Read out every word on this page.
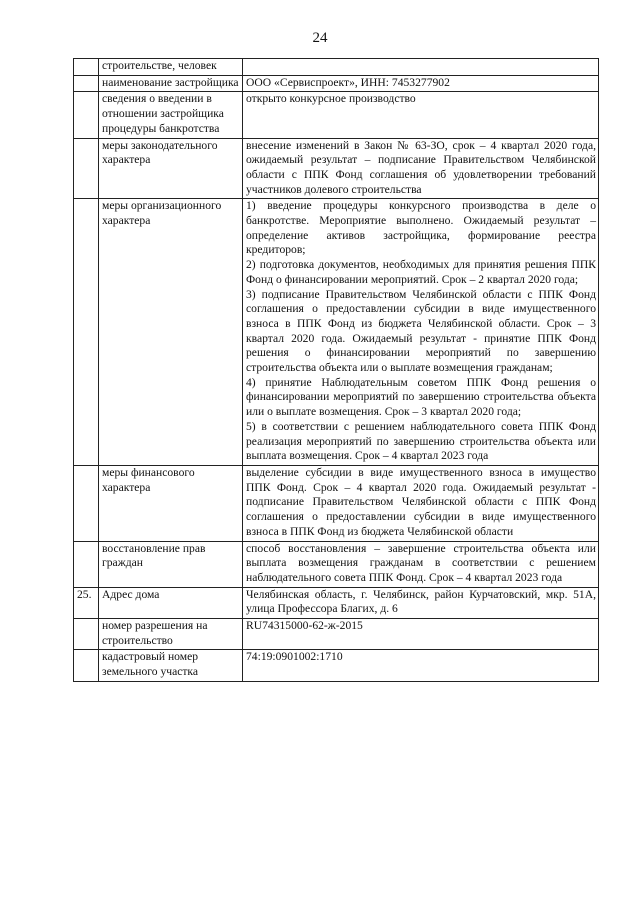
24
	строительстве, человек	
	наименование застройщика	ООО «Сервиспроект», ИНН: 7453277902
	сведения о введении в отношении застройщика процедуры банкротства	открыто конкурсное производство
	меры законодательного характера	внесение изменений в Закон № 63-ЗО, срок – 4 квартал 2020 года, ожидаемый результат – подписание Правительством Челябинской области с ППК Фонд соглашения об удовлетворении требований участников долевого строительства
	меры организационного характера	1) введение процедуры конкурсного производства в деле о банкротстве. Мероприятие выполнено. Ожидаемый результат – определение активов застройщика, формирование реестра кредиторов;

2) подготовка документов, необходимых для принятия решения ППК Фонд о финансировании мероприятий. Срок – 2 квартал 2020 года;

3) подписание Правительством Челябинской области с ППК Фонд соглашения о предоставлении субсидии в виде имущественного взноса в ППК Фонд из бюджета Челябинской области. Срок – 3 квартал 2020 года. Ожидаемый результат - принятие ППК Фонд решения о финансировании мероприятий по завершению строительства объекта или о выплате возмещения гражданам;

4) принятие Наблюдательным советом ППК Фонд решения о финансировании мероприятий по завершению строительства объекта или о выплате возмещения. Срок – 3 квартал 2020 года;

5) в соответствии с решением наблюдательного совета ППК Фонд реализация мероприятий по завершению строительства объекта или выплата возмещения. Срок – 4 квартал 2023 года

	меры финансового характера	выделение субсидии в виде имущественного взноса в имущество ППК Фонд. Срок – 4 квартал 2020 года. Ожидаемый результат - подписание Правительством Челябинской области с ППК Фонд соглашения о предоставлении субсидии в виде имущественного взноса в ППК Фонд из бюджета Челябинской области
	восстановление прав граждан	способ восстановления – завершение строительства объекта или выплата возмещения гражданам в соответствии с решением наблюдательного совета ППК Фонд. Срок – 4 квартал 2023 года
25.	Адрес дома	Челябинская область, г. Челябинск, район Курчатовский, мкр. 51А, улица Профессора Благих, д. 6
	номер разрешения на строительство	RU74315000-62-ж-2015
	кадастровый номер земельного участка	74:19:0901002:1710
